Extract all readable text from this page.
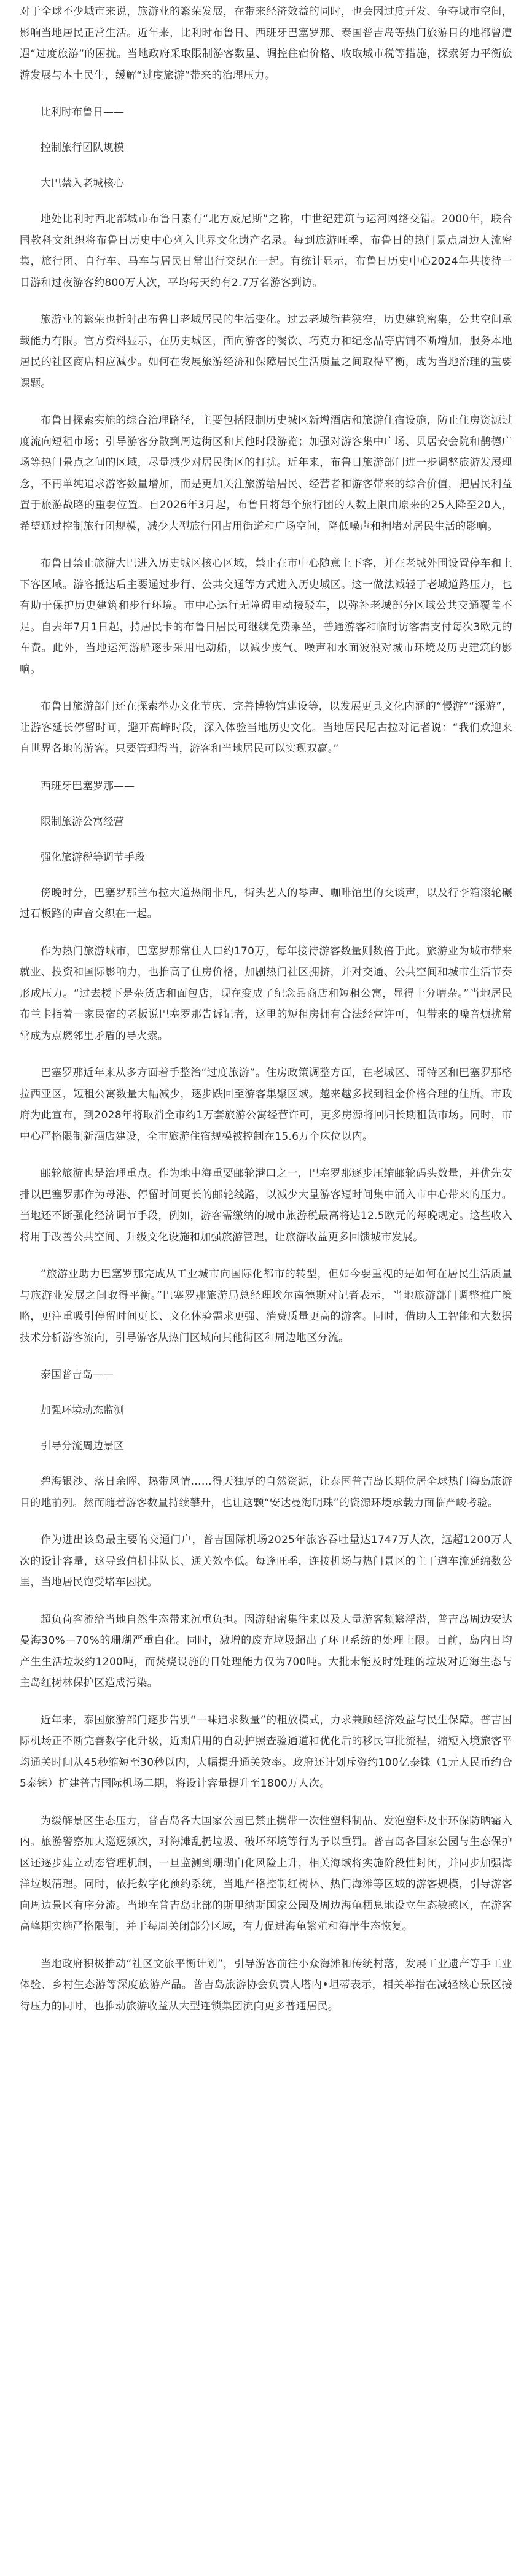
对于全球不少城市来说，旅游业的繁荣发展，在带来经济效益的同时，也会因过度开发、争夺城市空间，影响当地居民正常生活。近年来，比利时布鲁日、西班牙巴塞罗那、泰国普吉岛等热门旅游目的地都曾遭遇“过度旅游”的困扰。当地政府采取限制游客数量、调控住宿价格、收取城市税等措施，探索努力平衡旅游发展与本土民生，缓解“过度旅游”带来的治理压力。

比利时布鲁日——

控制旅行团队规模

大巴禁入老城核心

地处比利时西北部城市布鲁日素有“北方威尼斯”之称，中世纪建筑与运河网络交错。2000年，联合国教科文组织将布鲁日历史中心列入世界文化遗产名录。每到旅游旺季，布鲁日的热门景点周边人流密集，旅行团、自行车、马车与居民日常出行交织在一起。有统计显示，布鲁日历史中心2024年共接待一日游和过夜游客约800万人次，平均每天约有2.7万名游客到访。

旅游业的繁荣也折射出布鲁日老城居民的生活变化。过去老城街巷狭窄，历史建筑密集，公共空间承载能力有限。官方资料显示，在历史城区，面向游客的餐饮、巧克力和纪念品等店铺不断增加，服务本地居民的社区商店相应减少。如何在发展旅游经济和保障居民生活质量之间取得平衡，成为当地治理的重要课题。

布鲁日探索实施的综合治理路径，主要包括限制历史城区新增酒店和旅游住宿设施，防止住房资源过度流向短租市场；引导游客分散到周边街区和其他时段游览；加强对游客集中广场、贝居安会院和鹊德广场等热门景点之间的区域，尽量减少对居民街区的打扰。近年来，布鲁日旅游部门进一步调整旅游发展理念，不再单纯追求游客数量增加，而是更加关注旅游给居民、经营者和游客带来的综合价值，把居民利益置于旅游战略的重要位置。自2026年3月起，布鲁日将每个旅行团的人数上限由原来的25人降至20人，希望通过控制旅行团规模，减少大型旅行团占用街道和广场空间，降低噪声和拥堵对居民生活的影响。

布鲁日禁止旅游大巴进入历史城区核心区域，禁止在市中心随意上下客，并在老城外围设置停车和上下客区域。游客抵达后主要通过步行、公共交通等方式进入历史城区。这一做法减轻了老城道路压力，也有助于保护历史建筑和步行环境。市中心运行无障碍电动接驳车，以弥补老城部分区域公共交通覆盖不足。自去年7月1日起，持居民卡的布鲁日居民可继续免费乘坐，普通游客和临时访客需支付每次3欧元的车费。此外，当地运河游船逐步采用电动船，以减少废气、噪声和水面波浪对城市环境及历史建筑的影响。

布鲁日旅游部门还在探索举办文化节庆、完善博物馆建设等，以发展更具文化内涵的“慢游”“深游”，让游客延长停留时间，避开高峰时段，深入体验当地历史文化。当地居民尼古拉对记者说：“我们欢迎来自世界各地的游客。只要管理得当，游客和当地居民可以实现双赢。”

西班牙巴塞罗那——

限制旅游公寓经营

强化旅游税等调节手段

傍晚时分，巴塞罗那兰布拉大道热闹非凡，街头艺人的琴声、咖啡馆里的交谈声，以及行李箱滚轮碾过石板路的声音交织在一起。

作为热门旅游城市，巴塞罗那常住人口约170万，每年接待游客数量则数倍于此。旅游业为城市带来就业、投资和国际影响力，也推高了住房价格，加剧热门社区拥挤，并对交通、公共空间和城市生活节奏形成压力。“过去楼下是杂货店和面包店，现在变成了纪念品商店和短租公寓，显得十分嘈杂。”当地居民布兰卡指着一家民宿的老板说巴塞罗那告诉记者，这里的短租房拥有合法经营许可，但带来的噪音烦扰常常成为点燃邻里矛盾的导火索。

巴塞罗那近年来从多方面着手整治“过度旅游”。住房政策调整方面，在老城区、哥特区和巴塞罗那格拉西亚区，短租公寓数量大幅减少，逐步跌回至游客集聚区域。越来越多找到租金价格合理的住所。市政府为此宣布，到2028年将取消全市约1万套旅游公寓经营许可，更多房源将回归长期租赁市场。同时，市中心严格限制新酒店建设，全市旅游住宿规模被控制在15.6万个床位以内。

邮轮旅游也是治理重点。作为地中海重要邮轮港口之一，巴塞罗那逐步压缩邮轮码头数量，并优先安排以巴塞罗那作为母港、停留时间更长的邮轮线路，以减少大量游客短时间集中涌入市中心带来的压力。当地还不断强化经济调节手段，例如，游客需缴纳的城市旅游税最高将达12.5欧元的每晚规定。这些收入将用于改善公共空间、升级文化设施和加强旅游管理，让旅游收益更多回馈城市发展。

“旅游业助力巴塞罗那完成从工业城市向国际化都市的转型，但如今要重视的是如何在居民生活质量与旅游业发展之间取得平衡。”巴塞罗那旅游局总经理埃尔南德斯对记者表示，当地旅游部门调整推广策略，更注重吸引停留时间更长、文化体验需求更强、消费质量更高的游客。同时，借助人工智能和大数据技术分析游客流向，引导游客从热门区域向其他街区和周边地区分流。

泰国普吉岛——

加强环境动态监测

引导分流周边景区

碧海银沙、落日余晖、热带风情……得天独厚的自然资源，让泰国普吉岛长期位居全球热门海岛旅游目的地前列。然而随着游客数量持续攀升，也让这颗“安达曼海明珠”的资源环境承载力面临严峻考验。

作为进出该岛最主要的交通门户，普吉国际机场2025年旅客吞吐量达1747万人次，远超1200万人次的设计容量，这导致值机排队长、通关效率低。每逢旺季，连接机场与热门景区的主干道车流延绵数公里，当地居民饱受堵车困扰。

超负荷客流给当地自然生态带来沉重负担。因游船密集往来以及大量游客频繁浮潜，普吉岛周边安达曼海30%—70%的珊瑚严重白化。同时，激增的废弃垃圾超出了环卫系统的处理上限。目前，岛内日均产生生活垃圾约1200吨，而焚烧设施的日处理能力仅为700吨。大批未能及时处理的垃圾对近海生态与主岛红树林保护区造成污染。

近年来，泰国旅游部门逐步告别“一味追求数量”的粗放模式，力求兼顾经济效益与民生保障。普吉国际机场正不断完善数字化升级，近期启用的自动护照查验通道和优化后的移民审批流程，缩短入境旅客平均通关时间从45秒缩短至30秒以内，大幅提升通关效率。政府还计划斥资约100亿泰铢（1元人民币约合5泰铢）扩建普吉国际机场二期，将设计容量提升至1800万人次。

为缓解景区生态压力，普吉岛各大国家公园已禁止携带一次性塑料制品、发泡塑料及非环保防晒霜入内。旅游警察加大巡逻频次，对海滩乱扔垃圾、破坏环境等行为予以重罚。普吉岛各国家公园与生态保护区还逐步建立动态管理机制，一旦监测到珊瑚白化风险上升，相关海域将实施阶段性封闭，并同步加强海洋垃圾清理。同时，依托数字化预约系统，当地严格控制红树林、热门海滩等区域的游客规模，引导游客向周边景区有序分流。当地在普吉岛北部的斯里纳斯国家公园及周边海龟栖息地设立生态敏感区，在游客高峰期实施严格限制，并于每周关闭部分区域，有力促进海龟繁殖和海岸生态恢复。

当地政府积极推动“社区文旅平衡计划”，引导游客前往小众海滩和传统村落，发展工业遗产等手工业体验、乡村生态游等深度旅游产品。普吉岛旅游协会负责人塔内•坦蒂表示，相关举措在减轻核心景区接待压力的同时，也推动旅游收益从大型连锁集团流向更多普通居民。
